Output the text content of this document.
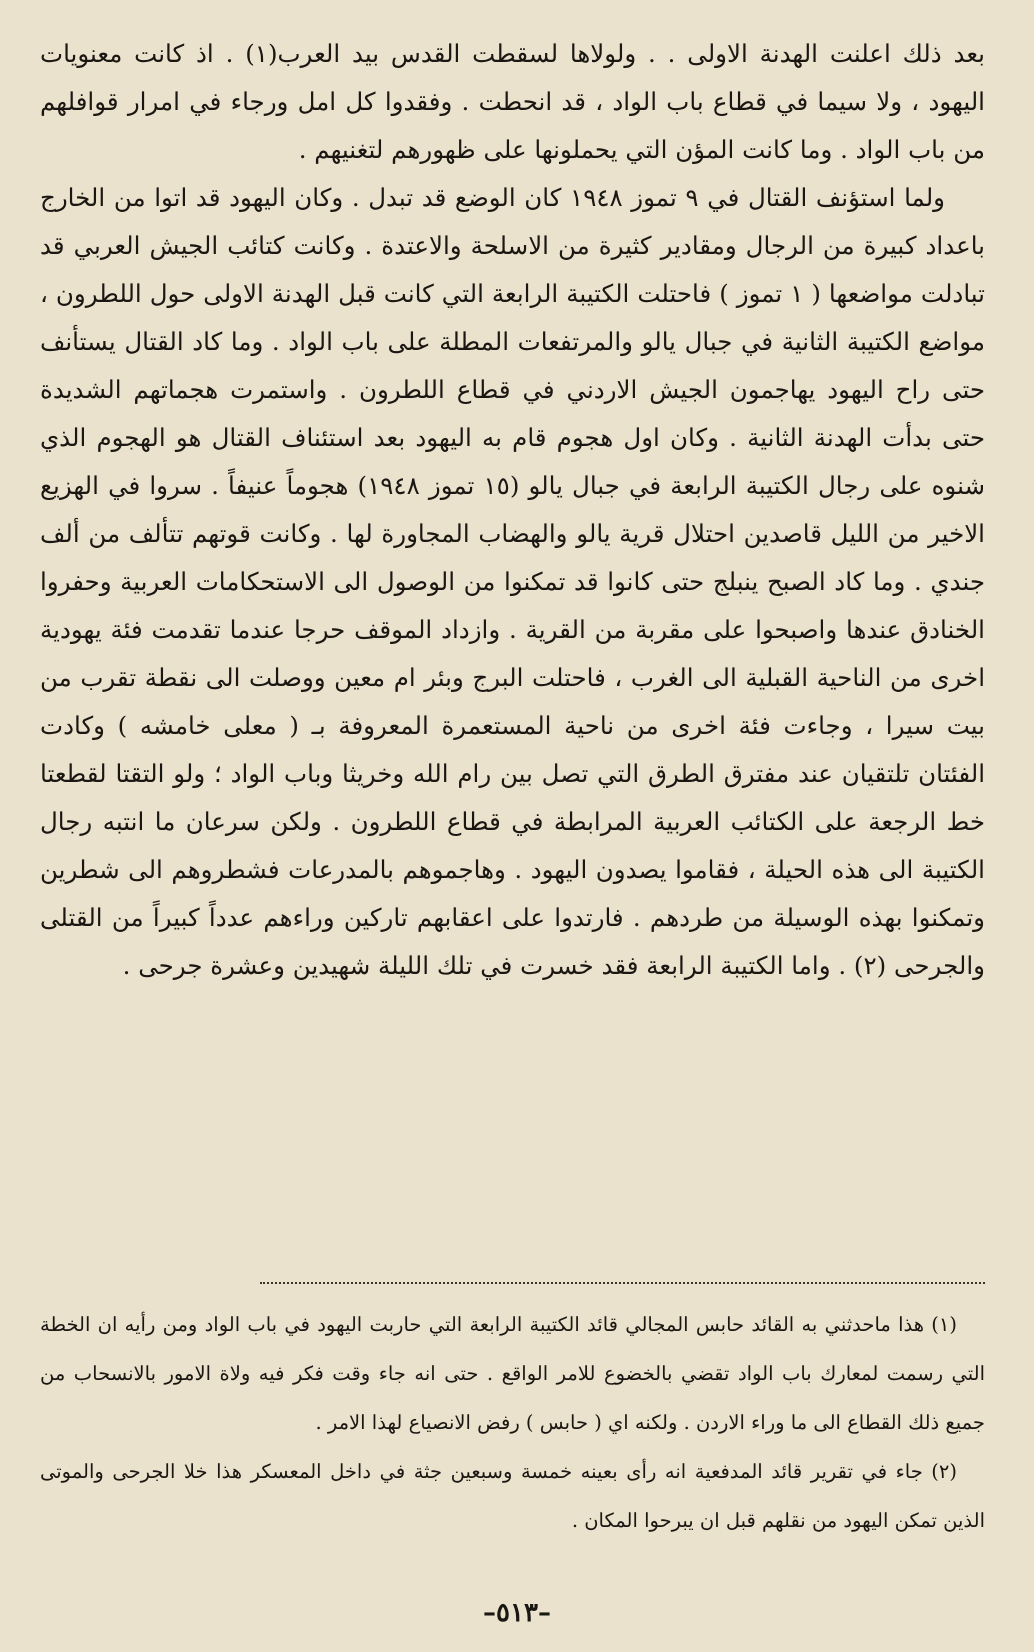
بعد ذلك اعلنت الهدنة الاولى . . ولولاها لسقطت القدس بيد العرب(١) . اذ كانت معنويات اليهود ، ولا سيما في قطاع باب الواد ، قد انحطت . وفقدوا كل امل ورجاء في امرار قوافلهم من باب الواد . وما كانت المؤن التي يحملونها على ظهورهم لتغنيهم .

ولما استؤنف القتال في ٩ تموز ١٩٤٨ كان الوضع قد تبدل . وكان اليهود قد اتوا من الخارج باعداد كبيرة من الرجال ومقادير كثيرة من الاسلحة والاعتدة . وكانت كتائب الجيش العربي قد تبادلت مواضعها ( ١ تموز ) فاحتلت الكتيبة الرابعة التي كانت قبل الهدنة الاولى حول اللطرون ، مواضع الكتيبة الثانية في جبال يالو والمرتفعات المطلة على باب الواد . وما كاد القتال يستأنف حتى راح اليهود يهاجمون الجيش الاردني في قطاع اللطرون . واستمرت هجماتهم الشديدة حتى بدأت الهدنة الثانية . وكان اول هجوم قام به اليهود بعد استئناف القتال هو الهجوم الذي شنوه على رجال الكتيبة الرابعة في جبال يالو (١٥ تموز ١٩٤٨) هجوماً عنيفاً . سروا في الهزيع الاخير من الليل قاصدين احتلال قرية يالو والهضاب المجاورة لها . وكانت قوتهم تتألف من ألف جندي . وما كاد الصبح ينبلج حتى كانوا قد تمكنوا من الوصول الى الاستحكامات العربية وحفروا الخنادق عندها واصبحوا على مقربة من القرية . وازداد الموقف حرجا عندما تقدمت فئة يهودية اخرى من الناحية القبلية الى الغرب ، فاحتلت البرج وبئر ام معين ووصلت الى نقطة تقرب من بيت سيرا ، وجاءت فئة اخرى من ناحية المستعمرة المعروفة بـ ( معلى خامشه ) وكادت الفئتان تلتقيان عند مفترق الطرق التي تصل بين رام الله وخريثا وباب الواد ؛ ولو التقتا لقطعتا خط الرجعة على الكتائب العربية المرابطة في قطاع اللطرون . ولكن سرعان ما انتبه رجال الكتيبة الى هذه الحيلة ، فقاموا يصدون اليهود . وهاجموهم بالمدرعات فشطروهم الى شطرين وتمكنوا بهذه الوسيلة من طردهم . فارتدوا على اعقابهم تاركين وراءهم عدداً كبيراً من القتلى والجرحى (٢) . واما الكتيبة الرابعة فقد خسرت في تلك الليلة شهيدين وعشرة جرحى .

(١) هذا ماحدثني به القائد حابس المجالي قائد الكتيبة الرابعة التي حاربت اليهود في باب الواد ومن رأيه ان الخطة التي رسمت لمعارك باب الواد تقضي بالخضوع للامر الواقع . حتى انه جاء وقت فكر فيه ولاة الامور بالانسحاب من جميع ذلك القطاع الى ما وراء الاردن . ولكنه اي ( حابس ) رفض الانصياع لهذا الامر .

(٢) جاء في تقرير قائد المدفعية انه رأى بعينه خمسة وسبعين جثة في داخل المعسكر هذا خلا الجرحى والموتى الذين تمكن اليهود من نقلهم قبل ان يبرحوا المكان .

–٥١٣–
